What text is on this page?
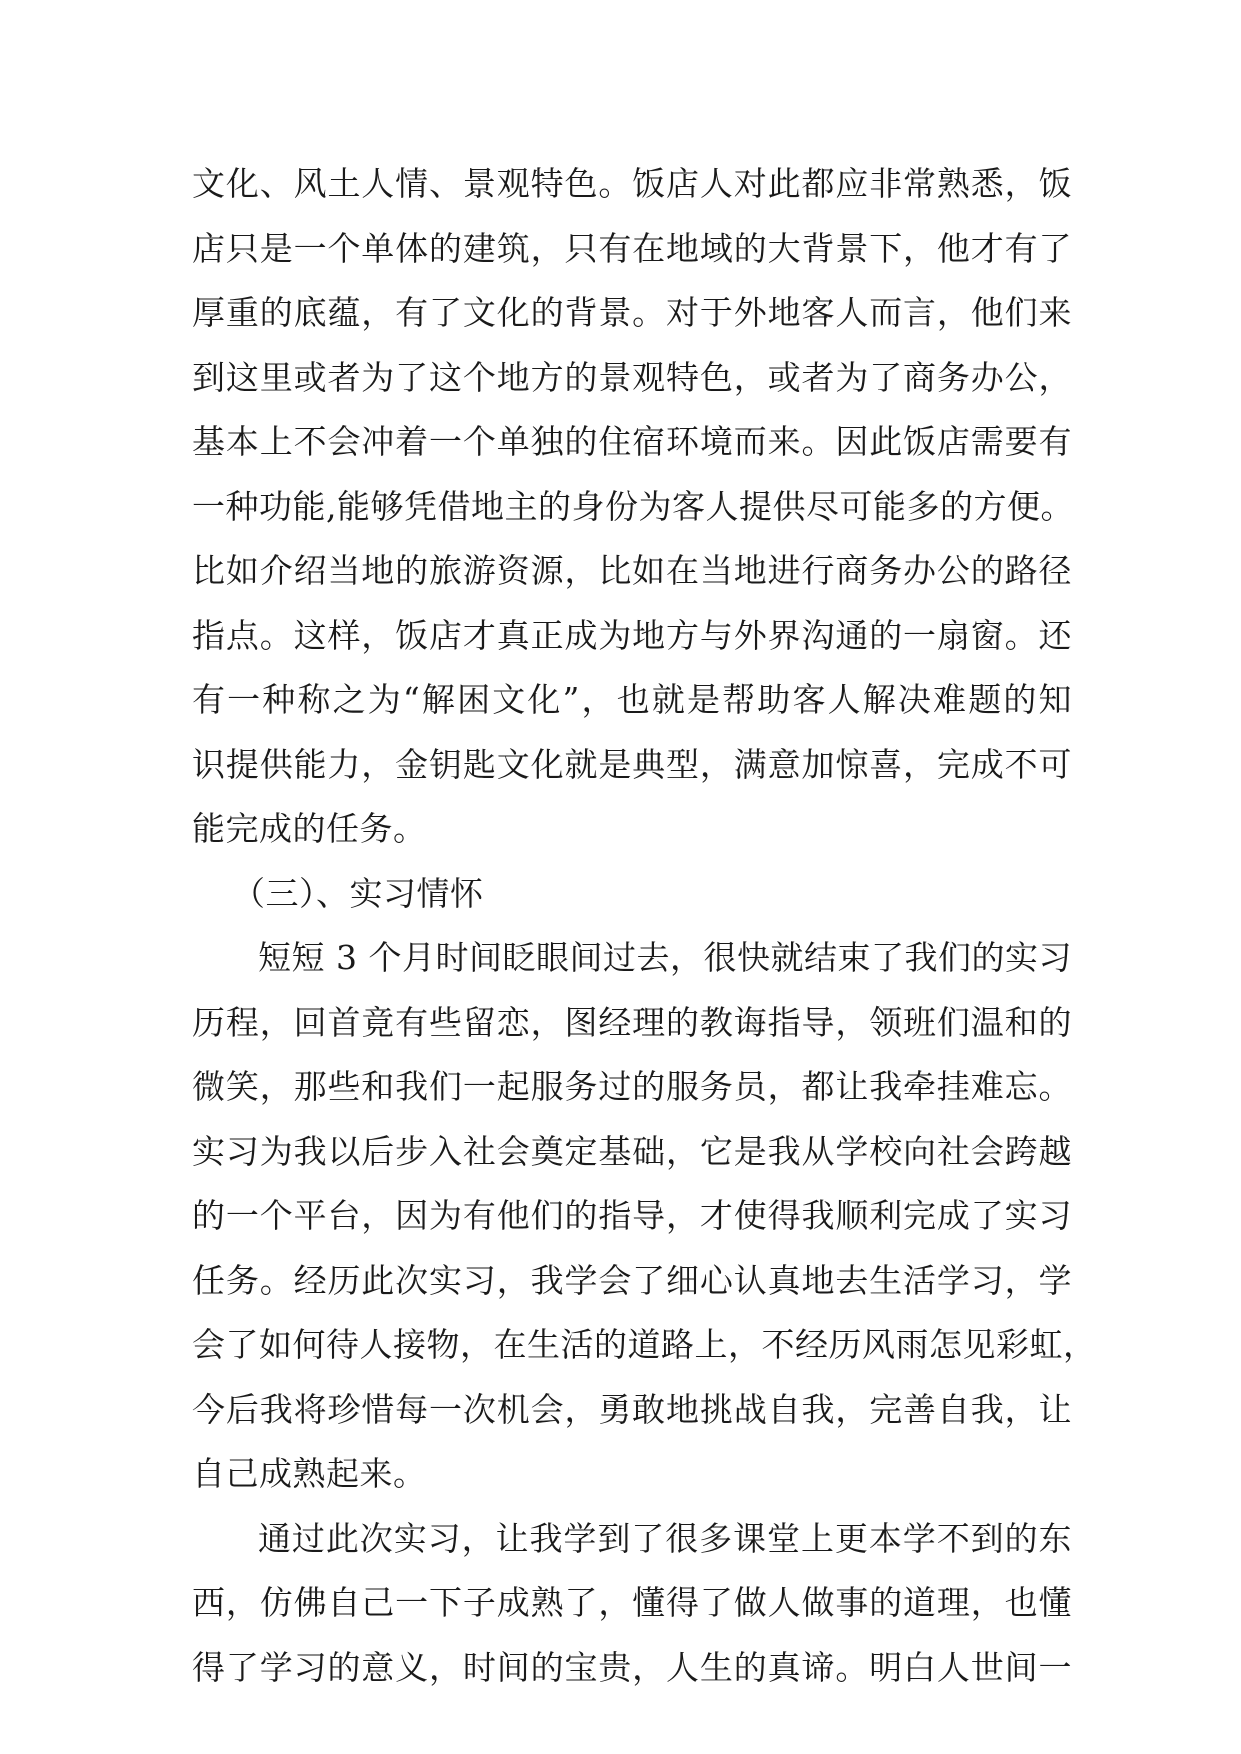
文化、风土人情、景观特色。饭店人对此都应非常熟悉，饭
店只是一个单体的建筑，只有在地域的大背景下，他才有了
厚重的底蕴，有了文化的背景。对于外地客人而言，他们来
到这里或者为了这个地方的景观特色，或者为了商务办公，
基本上不会冲着一个单独的住宿环境而来。因此饭店需要有
一种功能,能够凭借地主的身份为客人提供尽可能多的方便。
比如介绍当地的旅游资源，比如在当地进行商务办公的路径
指点。这样，饭店才真正成为地方与外界沟通的一扇窗。还
有一种称之为“解困文化”，也就是帮助客人解决难题的知
识提供能力，金钥匙文化就是典型，满意加惊喜，完成不可
能完成的任务。
（三）、实习情怀
短短 3 个月时间眨眼间过去，很快就结束了我们的实习
历程，回首竟有些留恋，图经理的教诲指导，领班们温和的
微笑，那些和我们一起服务过的服务员，都让我牵挂难忘。
实习为我以后步入社会奠定基础，它是我从学校向社会跨越
的一个平台，因为有他们的指导，才使得我顺利完成了实习
任务。经历此次实习，我学会了细心认真地去生活学习，学
会了如何待人接物，在生活的道路上，不经历风雨怎见彩虹，
今后我将珍惜每一次机会，勇敢地挑战自我，完善自我，让
自己成熟起来。
通过此次实习，让我学到了很多课堂上更本学不到的东
西，仿佛自己一下子成熟了，懂得了做人做事的道理，也懂
得了学习的意义，时间的宝贵，人生的真谛。明白人世间一
